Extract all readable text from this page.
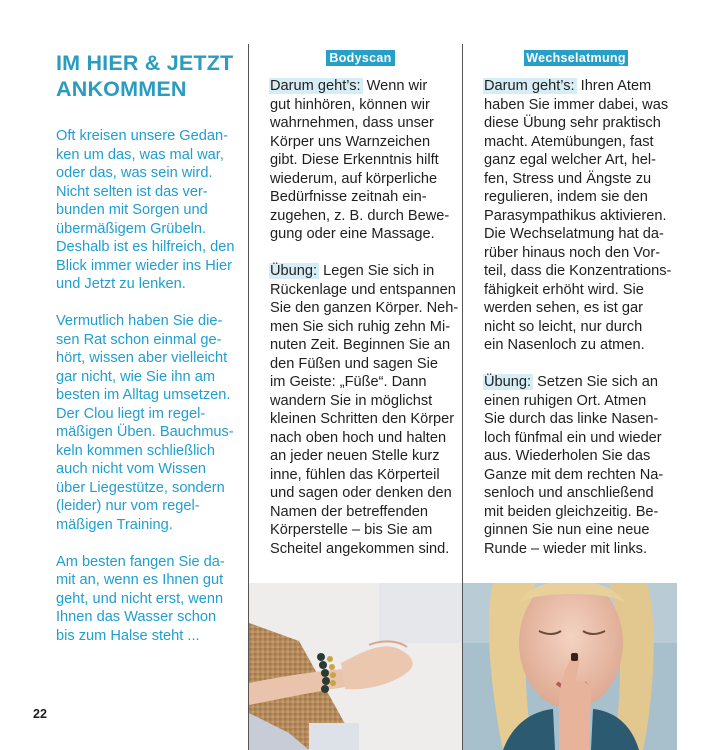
IM HIER & JETZT
ANKOMMEN

Oft kreisen unsere Gedan-
ken um das, was mal war,
oder das, was sein wird.
Nicht selten ist das ver-
bunden mit Sorgen und
übermäßigem Grübeln.
Deshalb ist es hilfreich, den
Blick immer wieder ins Hier
und Jetzt zu lenken.

Vermutlich haben Sie die-
sen Rat schon einmal ge-
hört, wissen aber vielleicht
gar nicht, wie Sie ihn am
besten im Alltag umsetzen.
Der Clou liegt im regel-
mäßigen Üben. Bauchmus-
keln kommen schließlich
auch nicht vom Wissen
über Liegestütze, sondern
(leider) nur vom regel-
mäßigen Training.

Am besten fangen Sie da-
mit an, wenn es Ihnen gut
geht, und nicht erst, wenn
Ihnen das Wasser schon
bis zum Halse steht ...

Bodyscan	Wechselatmung

Darum geht’s: Wenn wir
gut hinhören, können wir
wahrnehmen, dass unser
Körper uns Warnzeichen
gibt. Diese Erkenntnis hilft
wiederum, auf körperliche
Bedürfnisse zeitnah ein-
zugehen, z. B. durch Bewe-
gung oder eine Massage.

Übung: Legen Sie sich in
Rückenlage und entspannen
Sie den ganzen Körper. Neh-
men Sie sich ruhig zehn Mi-
nuten Zeit. Beginnen Sie an
den Füßen und sagen Sie
im Geiste: „Füße“. Dann
wandern Sie in möglichst
kleinen Schritten den Körper
nach oben hoch und halten
an jeder neuen Stelle kurz
inne, fühlen das Körperteil
und sagen oder denken den
Namen der betreffenden
Körperstelle – bis Sie am
Scheitel angekommen sind.

Darum geht’s: Ihren Atem
haben Sie immer dabei, was
diese Übung sehr praktisch
macht. Atemübungen, fast
ganz egal welcher Art, hel-
fen, Stress und Ängste zu
regulieren, indem sie den
Parasympathikus aktivieren.
Die Wechselatmung hat da-
rüber hinaus noch den Vor-
teil, dass die Konzentrations-
fähigkeit erhöht wird. Sie
werden sehen, es ist gar
nicht so leicht, nur durch
ein Nasenloch zu atmen.

Übung: Setzen Sie sich an
einen ruhigen Ort. Atmen
Sie durch das linke Nasen-
loch fünfmal ein und wieder
aus. Wiederholen Sie das
Ganze mit dem rechten Na-
senloch und anschließend
mit beiden gleichzeitig. Be-
ginnen Sie nun eine neue
Runde – wieder mit links.

22
